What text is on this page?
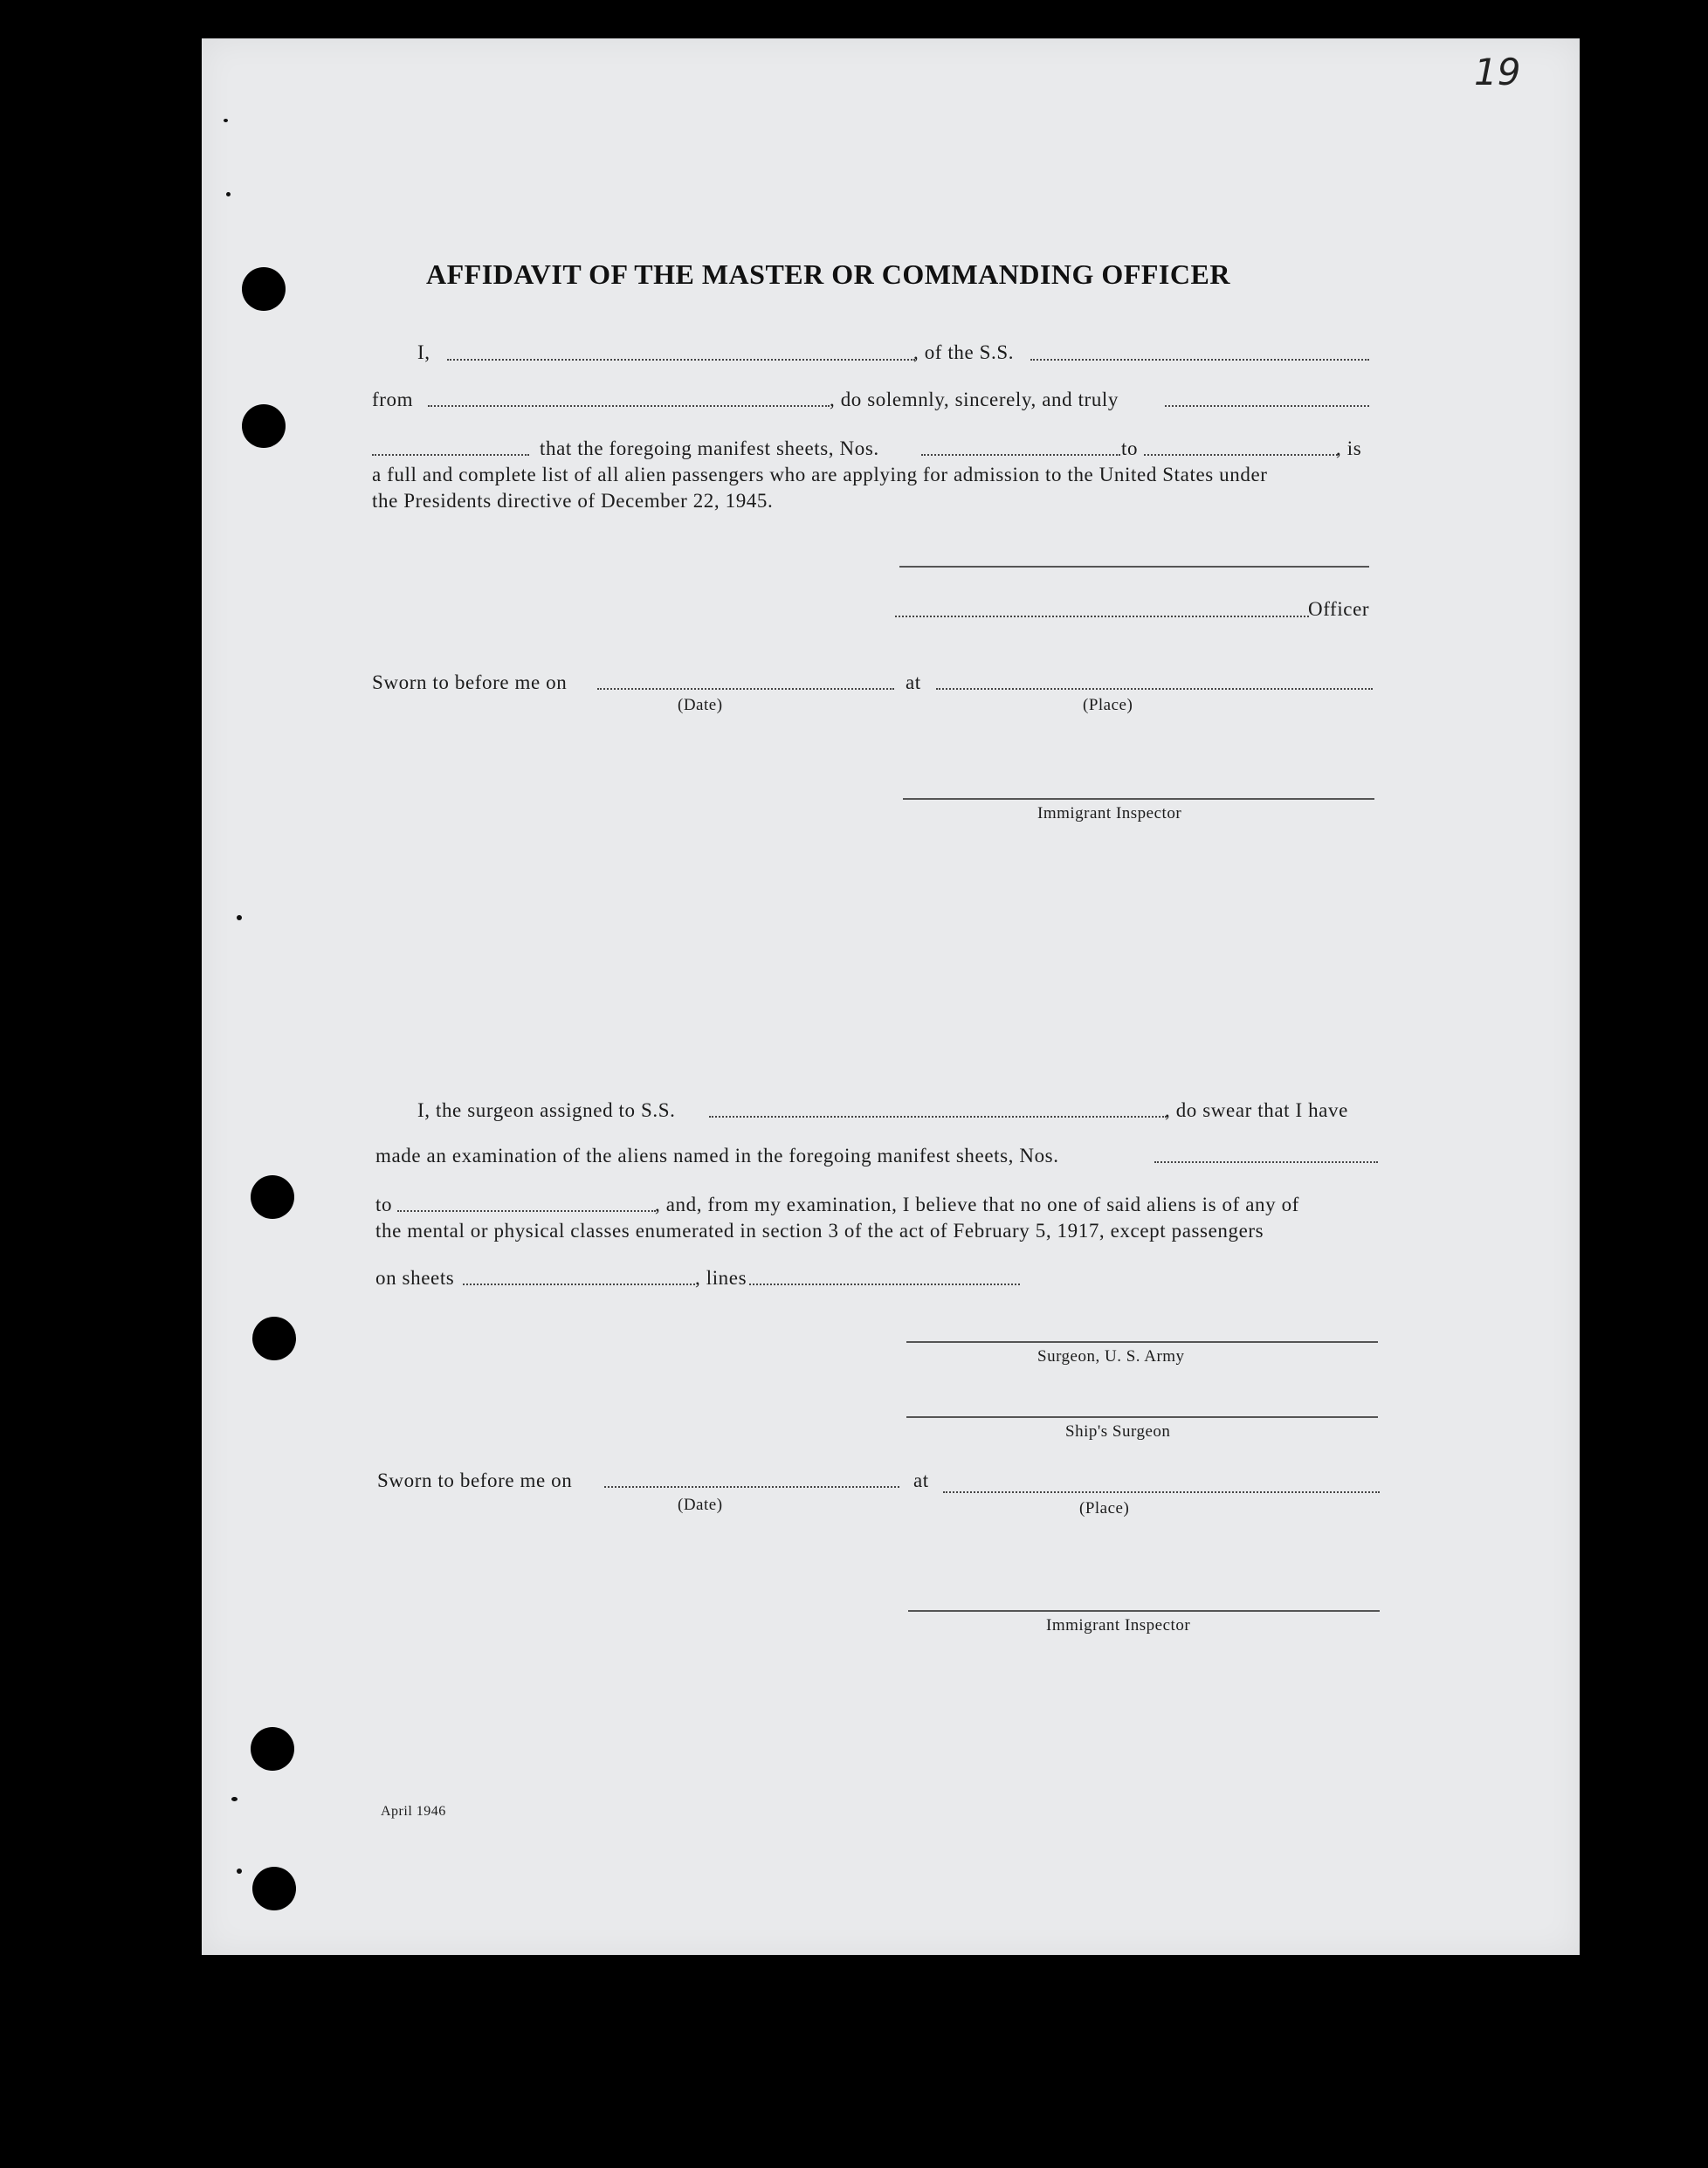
19
AFFIDAVIT OF THE MASTER OR COMMANDING OFFICER
I,	, of the S.S.
from	, do solemnly, sincerely, and truly
that the foregoing manifest sheets, Nos.	to	, is
a full and complete list of all alien passengers who are applying for admission to the United States under
the Presidents directive of December 22, 1945.
Officer
Sworn to before me on	at
(Date)	(Place)
Immigrant Inspector
I, the surgeon assigned to S.S.	, do swear that I have
made an examination of the aliens named in the foregoing manifest sheets, Nos.
to	, and, from my examination, I believe that no one of said aliens is of any of
the mental or physical classes enumerated in section 3 of the act of February 5, 1917, except passengers
on sheets	, lines
Surgeon, U. S. Army
Ship's Surgeon
Sworn to before me on	at
(Date)	(Place)
Immigrant Inspector
April 1946
